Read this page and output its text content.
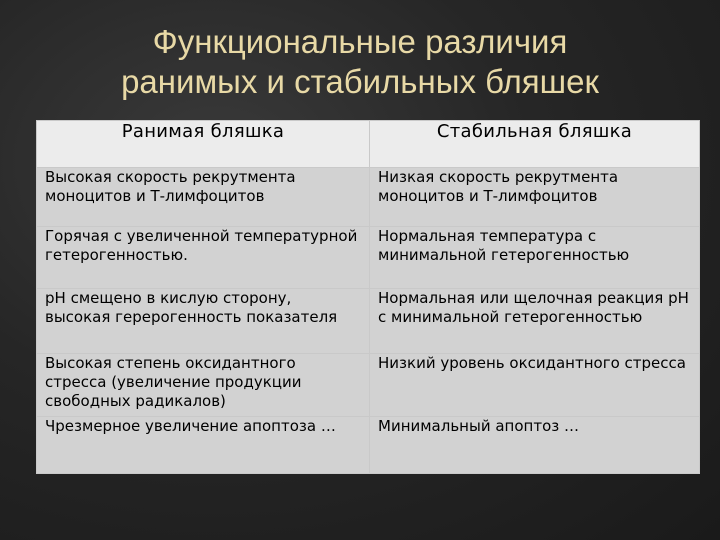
Функциональные различия
ранимых и стабильных бляшек
Ранимая бляшка	Стабильная бляшка
Высокая скорость рекрутмента моноцитов и Т-лимфоцитов	Низкая скорость рекрутмента моноцитов и Т-лимфоцитов
Горячая с увеличенной температурной гетерогенностью.	Нормальная температура с минимальной гетерогенностью
рН смещено в кислую сторону, высокая герерогенность показателя	Нормальная или щелочная реакция рН с минимальной гетерогенностью
Высокая степень оксидантного стресса (увеличение продукции свободных радикалов)	Низкий уровень оксидантного стресса
Чрезмерное увеличение апоптоза …	Минимальный апоптоз …
